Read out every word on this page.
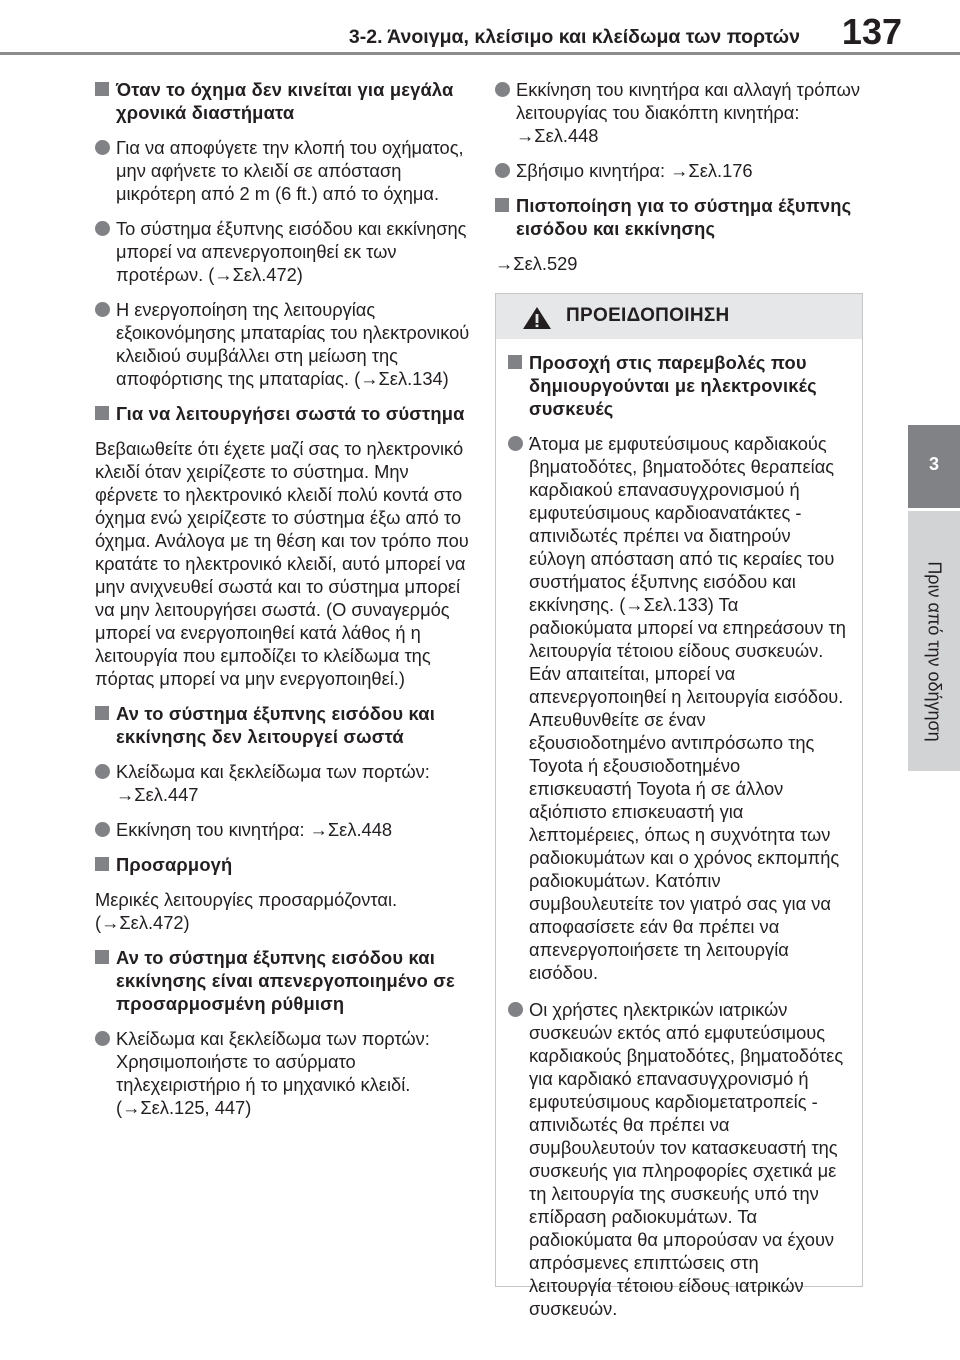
3-2. Άνοιγμα, κλείσιμο και κλείδωμα των πορτών	137
3
Πριν από την οδήγηση
Όταν το όχημα δεν κινείται για μεγάλα χρονικά διαστήματα
Για να αποφύγετε την κλοπή του οχήματος, μην αφήνετε το κλειδί σε απόσταση μικρότερη από 2 m (6 ft.) από το όχημα.
Το σύστημα έξυπνης εισόδου και εκκίνησης μπορεί να απενεργοποιηθεί εκ των προτέρων. (→Σελ.472)
Η ενεργοποίηση της λειτουργίας εξοικονόμησης μπαταρίας του ηλεκτρονικού κλειδιού συμβάλλει στη μείωση της αποφόρτισης της μπαταρίας. (→Σελ.134)
Για να λειτουργήσει σωστά το σύστημα
Βεβαιωθείτε ότι έχετε μαζί σας το ηλεκτρονικό κλειδί όταν χειρίζεστε το σύστημα. Μην φέρνετε το ηλεκτρονικό κλειδί πολύ κοντά στο όχημα ενώ χειρίζεστε το σύστημα έξω από το όχημα. Ανάλογα με τη θέση και τον τρόπο που κρατάτε το ηλεκτρονικό κλειδί, αυτό μπορεί να μην ανιχνευθεί σωστά και το σύστημα μπορεί να μην λειτουργήσει σωστά. (Ο συναγερμός μπορεί να ενεργοποιηθεί κατά λάθος ή η λειτουργία που εμποδίζει το κλείδωμα της πόρτας μπορεί να μην ενεργοποιηθεί.)
Αν το σύστημα έξυπνης εισόδου και εκκίνησης δεν λειτουργεί σωστά
Κλείδωμα και ξεκλείδωμα των πορτών: →Σελ.447
Εκκίνηση του κινητήρα: →Σελ.448
Προσαρμογή
Μερικές λειτουργίες προσαρμόζονται. (→Σελ.472)
Αν το σύστημα έξυπνης εισόδου και εκκίνησης είναι απενεργοποιημένο σε προσαρμοσμένη ρύθμιση
Κλείδωμα και ξεκλείδωμα των πορτών: Χρησιμοποιήστε το ασύρματο τηλεχειριστήριο ή το μηχανικό κλειδί. (→Σελ.125, 447)
Εκκίνηση του κινητήρα και αλλαγή τρόπων λειτουργίας του διακόπτη κινητήρα: →Σελ.448
Σβήσιμο κινητήρα: →Σελ.176
Πιστοποίηση για το σύστημα έξυπνης εισόδου και εκκίνησης
→Σελ.529
ΠΡΟΕΙΔΟΠΟΙΗΣΗ
Προσοχή στις παρεμβολές που δημιουργούνται με ηλεκτρονικές συσκευές
Άτομα με εμφυτεύσιμους καρδιακούς βηματοδότες, βηματοδότες θεραπείας καρδιακού επανασυγχρονισμού ή εμφυτεύσιμους καρδιοανατάκτες - απινιδωτές πρέπει να διατηρούν εύλογη απόσταση από τις κεραίες του συστήματος έξυπνης εισόδου και εκκίνησης. (→Σελ.133) Τα ραδιοκύματα μπορεί να επηρεάσουν τη λειτουργία τέτοιου είδους συσκευών. Εάν απαιτείται, μπορεί να απενεργοποιηθεί η λειτουργία εισόδου. Απευθυνθείτε σε έναν εξουσιοδοτημένο αντιπρόσωπο της Toyota ή εξουσιοδοτημένο επισκευαστή Toyota ή σε άλλον αξιόπιστο επισκευαστή για λεπτομέρειες, όπως η συχνότητα των ραδιοκυμάτων και ο χρόνος εκπομπής ραδιοκυμάτων. Κατόπιν συμβουλευτείτε τον γιατρό σας για να αποφασίσετε εάν θα πρέπει να απενεργοποιήσετε τη λειτουργία εισόδου.
Οι χρήστες ηλεκτρικών ιατρικών συσκευών εκτός από εμφυτεύσιμους καρδιακούς βηματοδότες, βηματοδότες για καρδιακό επανασυγχρονισμό ή εμφυτεύσιμους καρδιομετατροπείς - απινιδωτές θα πρέπει να συμβουλευτούν τον κατασκευαστή της συσκευής για πληροφορίες σχετικά με τη λειτουργία της συσκευής υπό την επίδραση ραδιοκυμάτων. Τα ραδιοκύματα θα μπορούσαν να έχουν απρόσμενες επιπτώσεις στη λειτουργία τέτοιου είδους ιατρικών συσκευών.
